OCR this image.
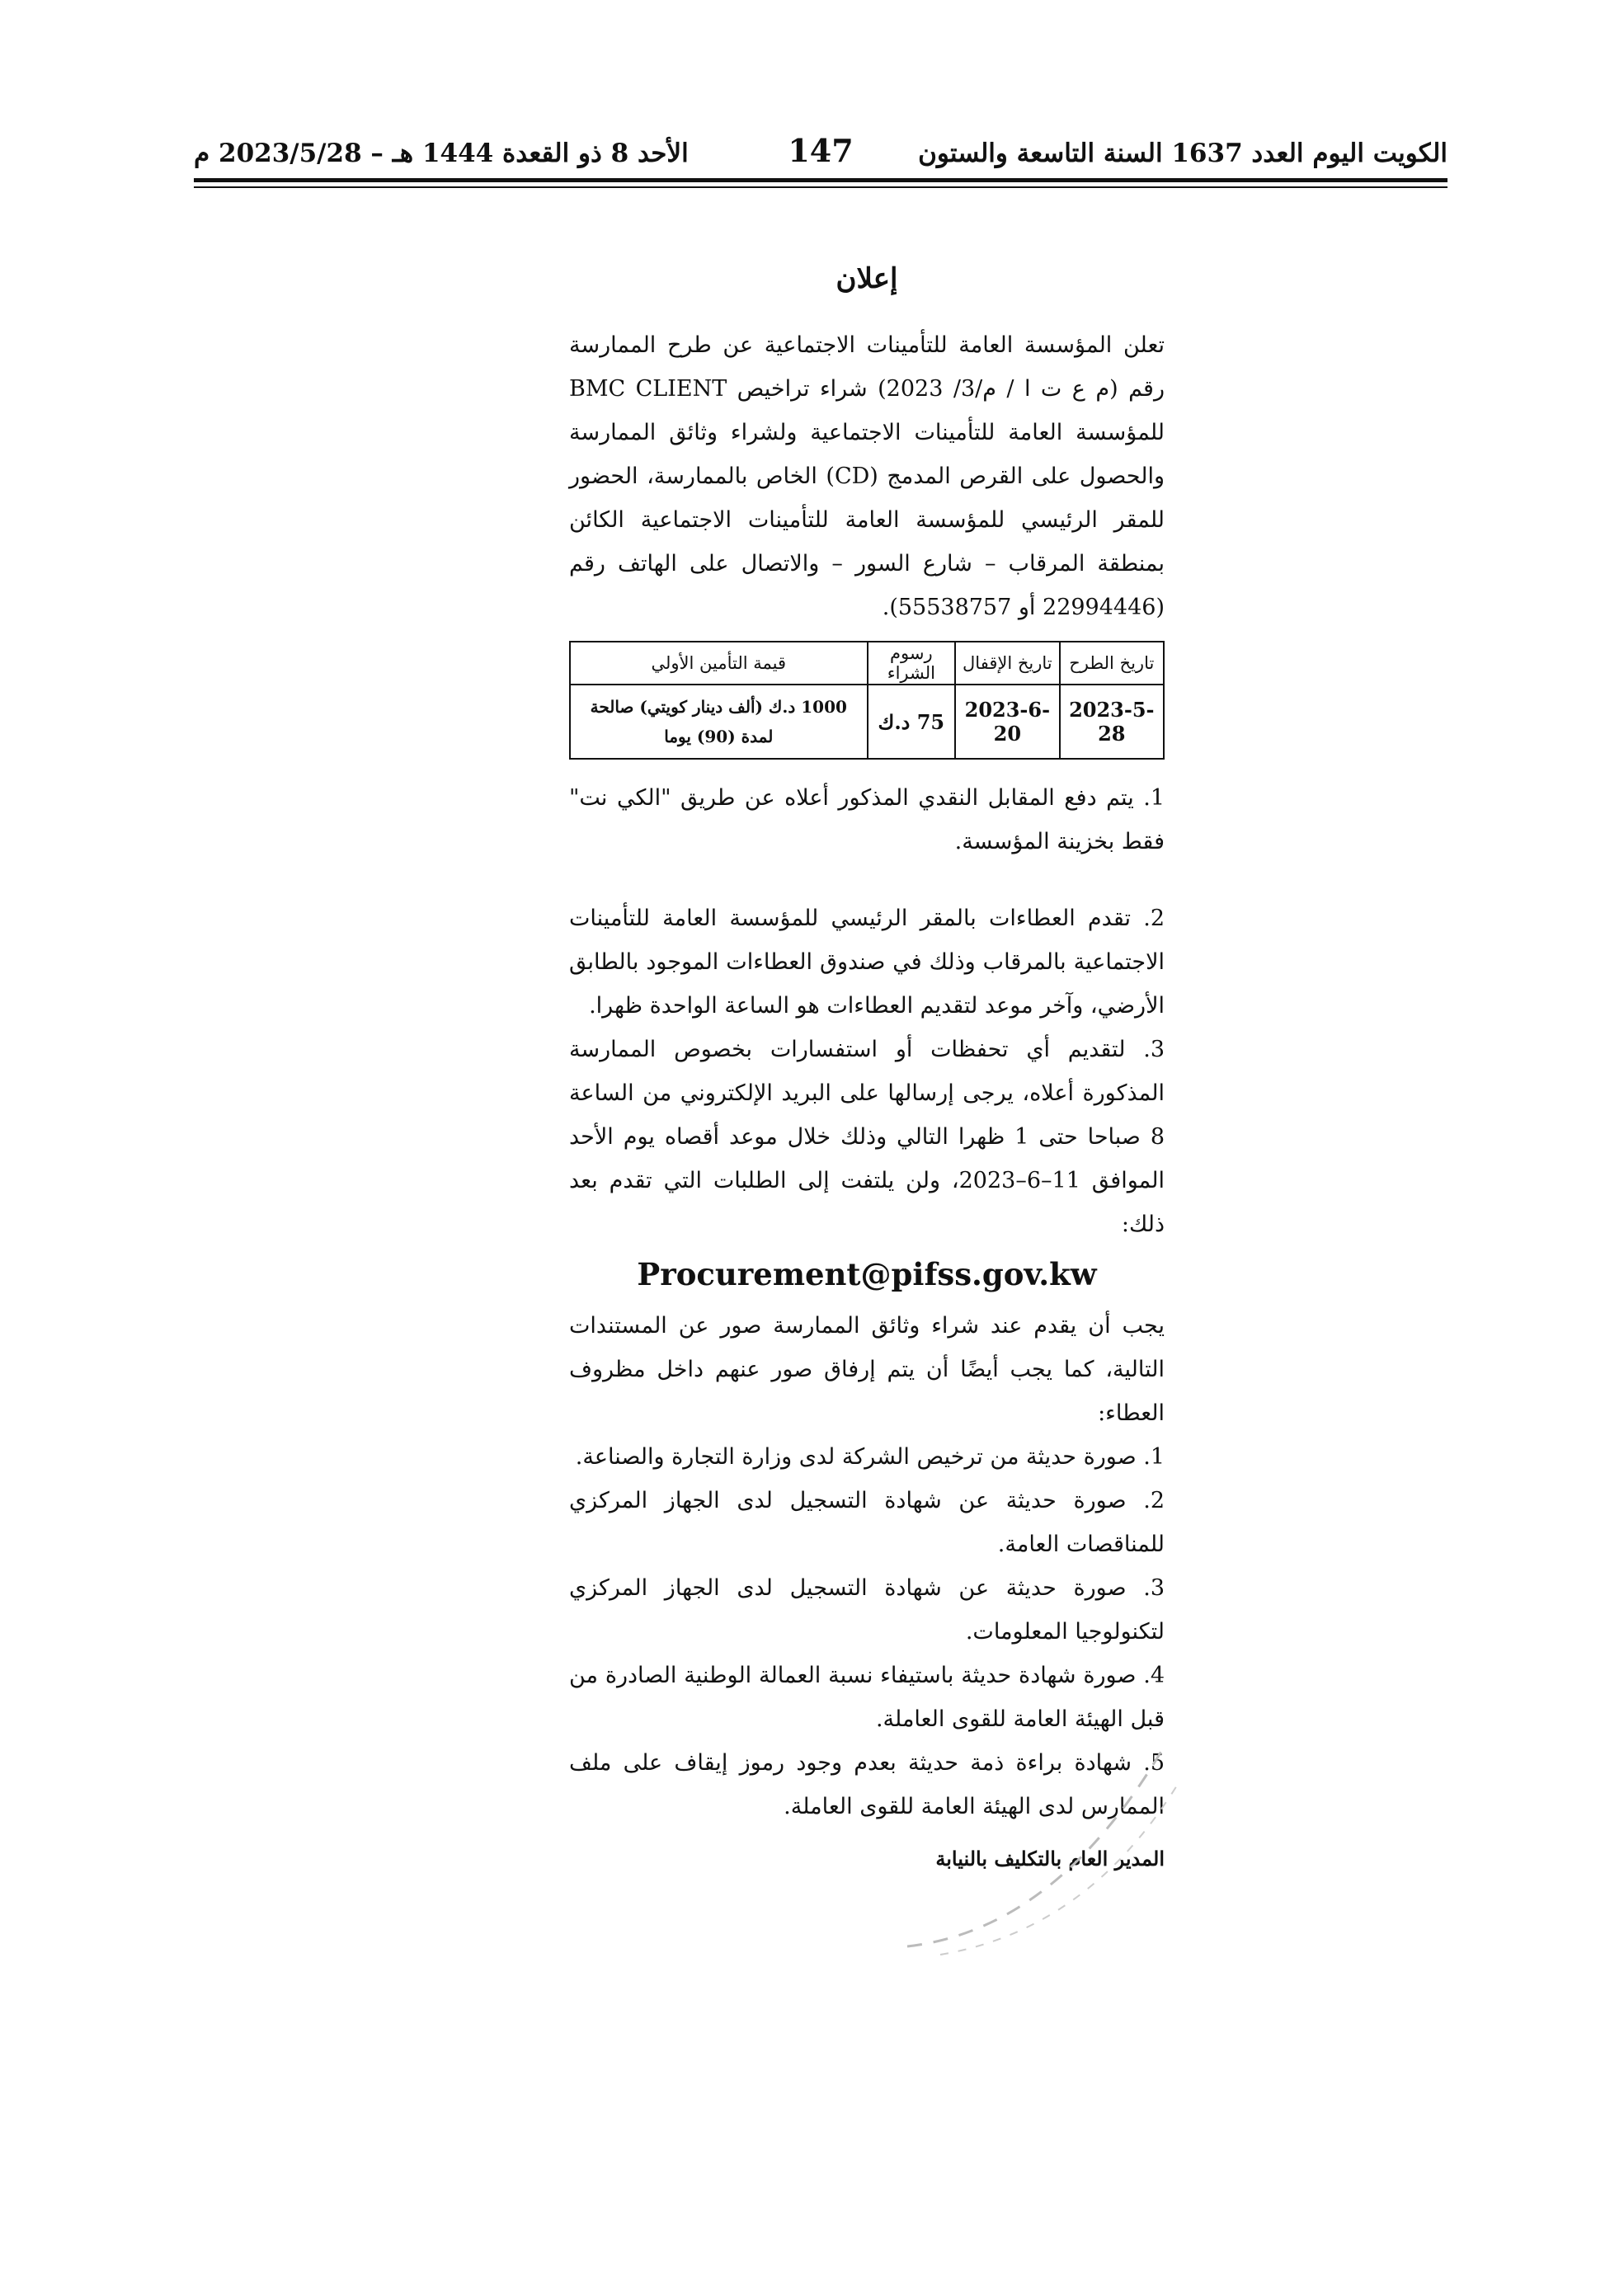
الأحد 8 ذو القعدة 1444 هـ – 2023/5/28 م	147	الكويت اليوم العدد 1637 السنة التاسعة والستون
إعلان

تعلن المؤسسة العامة للتأمينات الاجتماعية عن طرح الممارسة رقم (م ع ت ا / م/3/ 2023) شراء تراخيص BMC CLIENT للمؤسسة العامة للتأمينات الاجتماعية ولشراء وثائق الممارسة والحصول على القرص المدمج (CD) الخاص بالممارسة، الحضور للمقر الرئيسي للمؤسسة العامة للتأمينات الاجتماعية الكائن بمنطقة المرقاب – شارع السور – والاتصال على الهاتف رقم (22994446 أو 55538757).

تاريخ الطرح	تاريخ الإقفال	رسوم الشراء	قيمة التأمين الأولي
2023-5-28	2023-6-20	75 د.ك	1000 د.ك (ألف دينار كويتي) صالحة لمدة (90) يوما

1. يتم دفع المقابل النقدي المذكور أعلاه عن طريق "الكي نت" فقط بخزينة المؤسسة.

2. تقدم العطاءات بالمقر الرئيسي للمؤسسة العامة للتأمينات الاجتماعية بالمرقاب وذلك في صندوق العطاءات الموجود بالطابق الأرضي، وآخر موعد لتقديم العطاءات هو الساعة الواحدة ظهرا.

3. لتقديم أي تحفظات أو استفسارات بخصوص الممارسة المذكورة أعلاه، يرجى إرسالها على البريد الإلكتروني من الساعة 8 صباحا حتى 1 ظهرا التالي وذلك خلال موعد أقصاه يوم الأحد الموافق 11–6–2023، ولن يلتفت إلى الطلبات التي تقدم بعد ذلك:

Procurement@pifss.gov.kw

يجب أن يقدم عند شراء وثائق الممارسة صور عن المستندات التالية، كما يجب أيضًا أن يتم إرفاق صور عنهم داخل مظروف العطاء:

1. صورة حديثة من ترخيص الشركة لدى وزارة التجارة والصناعة.

2. صورة حديثة عن شهادة التسجيل لدى الجهاز المركزي للمناقصات العامة.

3. صورة حديثة عن شهادة التسجيل لدى الجهاز المركزي لتكنولوجيا المعلومات.

4. صورة شهادة حديثة باستيفاء نسبة العمالة الوطنية الصادرة من قبل الهيئة العامة للقوى العاملة.

5. شهادة براءة ذمة حديثة بعدم وجود رموز إيقاف على ملف الممارس لدى الهيئة العامة للقوى العاملة.

المدير العام بالتكليف بالنيابة
